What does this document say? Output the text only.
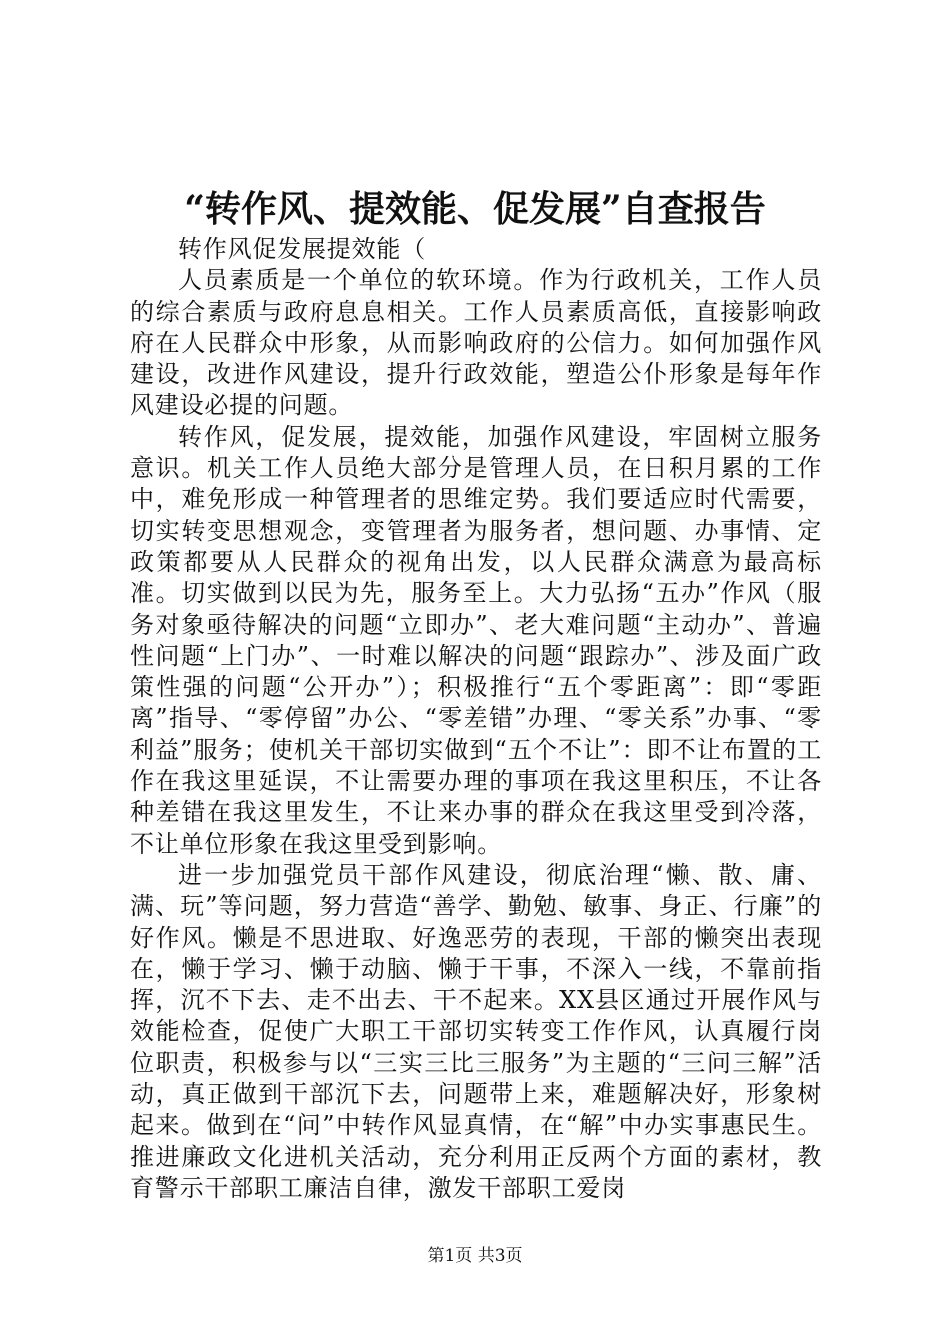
“转作风、提效能、促发展”自查报告

转作风促发展提效能（

人员素质是一个单位的软环境。作为行政机关，工作人员的综合素质与政府息息相关。工作人员素质高低，直接影响政府在人民群众中形象，从而影响政府的公信力。如何加强作风建设，改进作风建设，提升行政效能，塑造公仆形象是每年作风建设必提的问题。

转作风，促发展，提效能，加强作风建设，牢固树立服务意识。机关工作人员绝大部分是管理人员，在日积月累的工作中，难免形成一种管理者的思维定势。我们要适应时代需要，切实转变思想观念，变管理者为服务者，想问题、办事情、定政策都要从人民群众的视角出发，以人民群众满意为最高标准。切实做到以民为先，服务至上。大力弘扬“五办”作风（服务对象亟待解决的问题“立即办”、老大难问题“主动办”、普遍性问题“上门办”、一时难以解决的问题“跟踪办”、涉及面广政策性强的问题“公开办”）；积极推行“五个零距离”：即“零距离”指导、“零停留”办公、“零差错”办理、“零关系”办事、“零利益”服务；使机关干部切实做到“五个不让”：即不让布置的工作在我这里延误，不让需要办理的事项在我这里积压，不让各种差错在我这里发生，不让来办事的群众在我这里受到冷落，不让单位形象在我这里受到影响。

进一步加强党员干部作风建设，彻底治理“懒、散、庸、满、玩”等问题，努力营造“善学、勤勉、敏事、身正、行廉”的好作风。懒是不思进取、好逸恶劳的表现，干部的懒突出表现在，懒于学习、懒于动脑、懒于干事，不深入一线，不靠前指挥，沉不下去、走不出去、干不起来。XX县区通过开展作风与效能检查，促使广大职工干部切实转变工作作风，认真履行岗位职责，积极参与以“三实三比三服务”为主题的“三问三解”活动，真正做到干部沉下去，问题带上来，难题解决好，形象树起来。做到在“问”中转作风显真情，在“解”中办实事惠民生。推进廉政文化进机关活动，充分利用正反两个方面的素材，教育警示干部职工廉洁自律，激发干部职工爱岗

第1页 共3页
